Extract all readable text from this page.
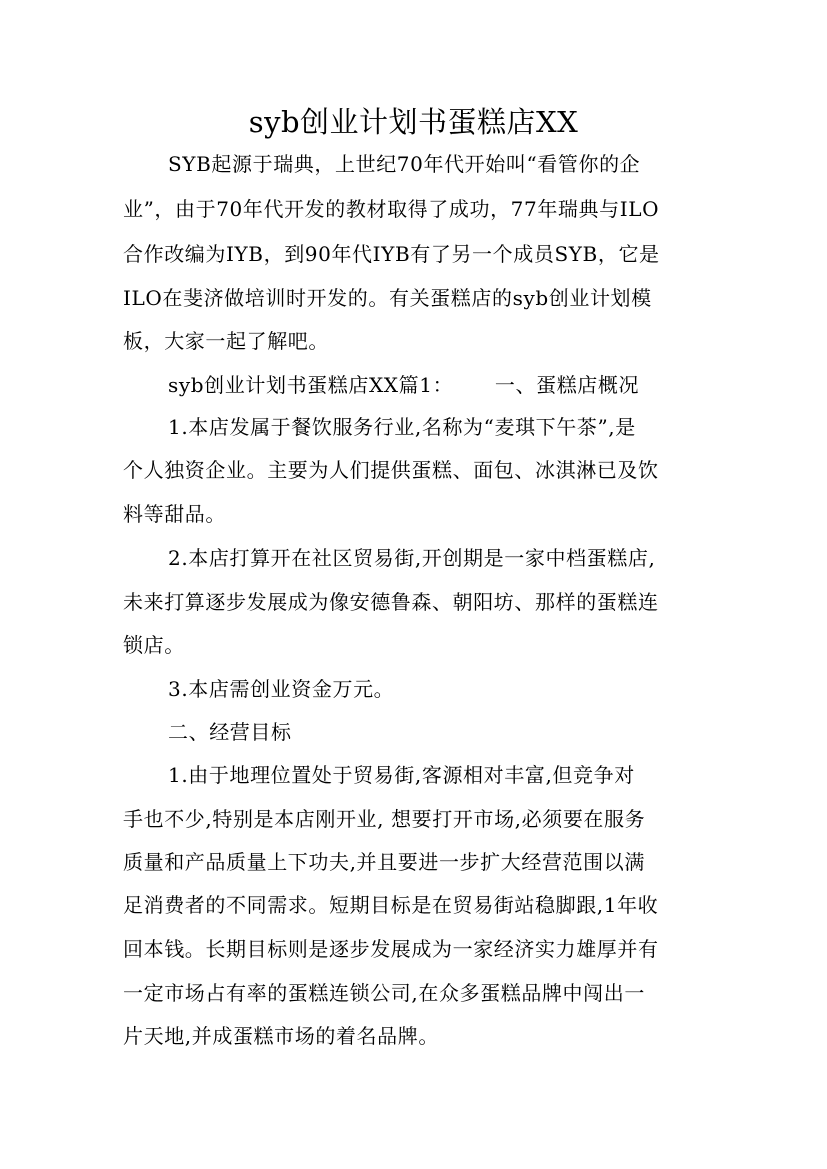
syb创业计划书蛋糕店XX
SYB起源于瑞典，上世纪70年代开始叫“看管你的企
业”，由于70年代开发的教材取得了成功，77年瑞典与ILO
合作改编为IYB，到90年代IYB有了另一个成员SYB，它是
ILO在斐济做培训时开发的。有关蛋糕店的syb创业计划模
板，大家一起了解吧。
syb创业计划书蛋糕店XX篇1：      一、蛋糕店概况
1.本店发属于餐饮服务行业,名称为“麦琪下午茶”,是
个人独资企业。主要为人们提供蛋糕、面包、冰淇淋已及饮
料等甜品。
2.本店打算开在社区贸易街,开创期是一家中档蛋糕店,
未来打算逐步发展成为像安德鲁森、朝阳坊、那样的蛋糕连
锁店。
3.本店需创业资金万元。
二、经营目标
1.由于地理位置处于贸易街,客源相对丰富,但竞争对
手也不少,特别是本店刚开业, 想要打开市场,必须要在服务
质量和产品质量上下功夫,并且要进一步扩大经营范围以满
足消费者的不同需求。短期目标是在贸易街站稳脚跟,1年收
回本钱。长期目标则是逐步发展成为一家经济实力雄厚并有
一定市场占有率的蛋糕连锁公司,在众多蛋糕品牌中闯出一
片天地,并成蛋糕市场的着名品牌。
